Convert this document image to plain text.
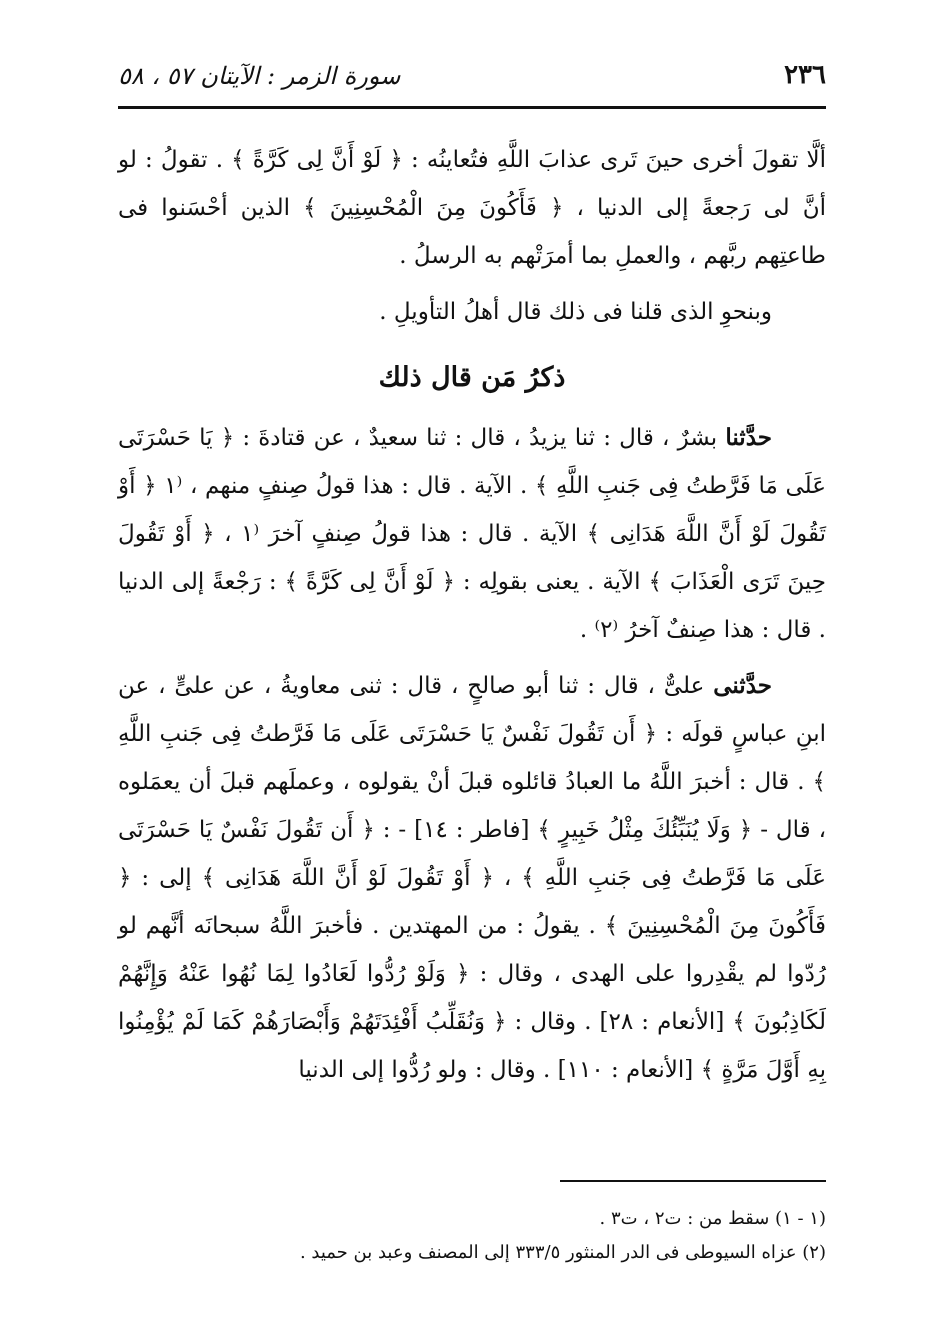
٢٣٦
سورة الزمر : الآيتان ٥٧ ، ٥٨

ألَّا تقولَ أخرى حينَ تَرى عذابَ اللَّهِ فتُعاينُه : ﴿ لَوْ أَنَّ لِى كَرَّةً ﴾ . تقولُ : لو أنَّ لى رَجعةً إلى الدنيا ، ﴿ فَأَكُونَ مِنَ الْمُحْسِنِينَ ﴾ الذين أحْسَنوا فى طاعتِهم ربَّهم ، والعملِ بما أمرَتْهم به الرسلُ .

وبنحوِ الذى قلنا فى ذلك قال أهلُ التأويلِ .

ذكرُ مَن قال ذلك

حدَّثنا بشرٌ ، قال : ثنا يزيدُ ، قال : ثنا سعيدٌ ، عن قتادةَ : ﴿ يَا حَسْرَتَى عَلَى مَا فَرَّطتُ فِى جَنبِ اللَّهِ ﴾ . الآية . قال : هذا قولُ صِنفٍ منهم ، ⁽١ ﴿ أَوْ تَقُولَ لَوْ أَنَّ اللَّهَ هَدَانِى ﴾ الآية . قال : هذا قولُ صِنفٍ آخرَ ⁽١ ، ﴿ أَوْ تَقُولَ حِينَ تَرَى الْعَذَابَ ﴾ الآية . يعنى بقولِه : ﴿ لَوْ أَنَّ لِى كَرَّةً ﴾ : رَجْعةً إلى الدنيا . قال : هذا صِنفٌ آخرُ ⁽٢⁾ .

حدَّثنى علىٌّ ، قال : ثنا أبو صالحٍ ، قال : ثنى معاويةُ ، عن علىٍّ ، عن ابنِ عباسٍ قولَه : ﴿ أَن تَقُولَ نَفْسٌ يَا حَسْرَتَى عَلَى مَا فَرَّطتُ فِى جَنبِ اللَّهِ ﴾ . قال : أخبرَ اللَّهُ ما العبادُ قائلوه قبلَ أنْ يقولوه ، وعملَهم قبلَ أن يعمَلوه ، قال - ﴿ وَلَا يُنَبِّئُكَ مِثْلُ خَبِيرٍ ﴾ [فاطر : ١٤] - : ﴿ أَن تَقُولَ نَفْسٌ يَا حَسْرَتَى عَلَى مَا فَرَّطتُ فِى جَنبِ اللَّهِ ﴾ ، ﴿ أَوْ تَقُولَ لَوْ أَنَّ اللَّهَ هَدَانِى ﴾ إلى : ﴿ فَأَكُونَ مِنَ الْمُحْسِنِينَ ﴾ . يقولُ : من المهتدين . فأخبرَ اللَّهُ سبحانَه أنَّهم لو رُدّوا لم يقْدِروا على الهدى ، وقال : ﴿ وَلَوْ رُدُّوا لَعَادُوا لِمَا نُهُوا عَنْهُ وَإِنَّهُمْ لَكَاذِبُونَ ﴾ [الأنعام : ٢٨] . وقال : ﴿ وَنُقَلِّبُ أَفْئِدَتَهُمْ وَأَبْصَارَهُمْ كَمَا لَمْ يُؤْمِنُوا بِهِ أَوَّلَ مَرَّةٍ ﴾ [الأنعام : ١١٠] . وقال : ولو رُدُّوا إلى الدنيا

(١ - ١) سقط من : ت٢ ، ت٣ .

(٢) عزاه السيوطى فى الدر المنثور ٣٣٣/٥ إلى المصنف وعبد بن حميد .
